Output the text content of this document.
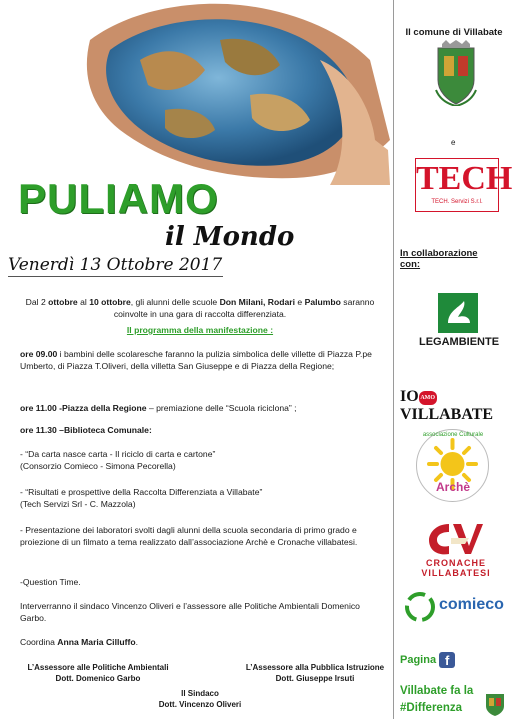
PULIAMO
il Mondo
Venerdì 13 Ottobre 2017
Dal 2 ottobre al 10 ottobre, gli alunni delle scuole Don Milani, Rodari e Palumbo saranno
coinvolte in una gara di raccolta differenziata.
Il programma della manifestazione :
ore 09.00 i bambini delle scolaresche faranno la pulizia simbolica delle villette di Piazza P.pe Umberto, di Piazza T.Oliveri, della villetta San Giuseppe e di Piazza della Regione;
ore 11.00 -Piazza della Regione – premiazione delle “Scuola riciclona” ;
ore 11.30 –Biblioteca Comunale:
- “Da carta nasce carta - Il riciclo di carta e cartone”
(Consorzio Comieco - Simona Pecorella)
- “Risultati e prospettive della Raccolta Differenziata a Villabate”
(Tech Servizi Srl - C. Mazzola)
- Presentazione dei laboratori svolti dagli alunni della scuola secondaria di primo grado e proiezione di un filmato a tema realizzato dall’associazione Archè e Cronache villabatesi.
-Question Time.
Interverranno il sindaco Vincenzo Oliveri e l’assessore alle Politiche Ambientali Domenico Garbo.
Coordina Anna Maria Cilluffo.
L’Assessore alle Politiche Ambientali
Dott. Domenico Garbo
L’Assessore alla Pubblica Istruzione
Dott. Giuseppe Irsuti
Il Sindaco
Dott. Vincenzo Oliveri
Il comune di Villabate
e
TECH
TECH. Servizi S.r.l.
In collaborazione con:
LEGAMBIENTE
IO AMOVILLABATE
associazione Culturale
Archè
CRONACHE
VILLABATESI
comieco
Pagina f
Villabate fa la
#Differenza
